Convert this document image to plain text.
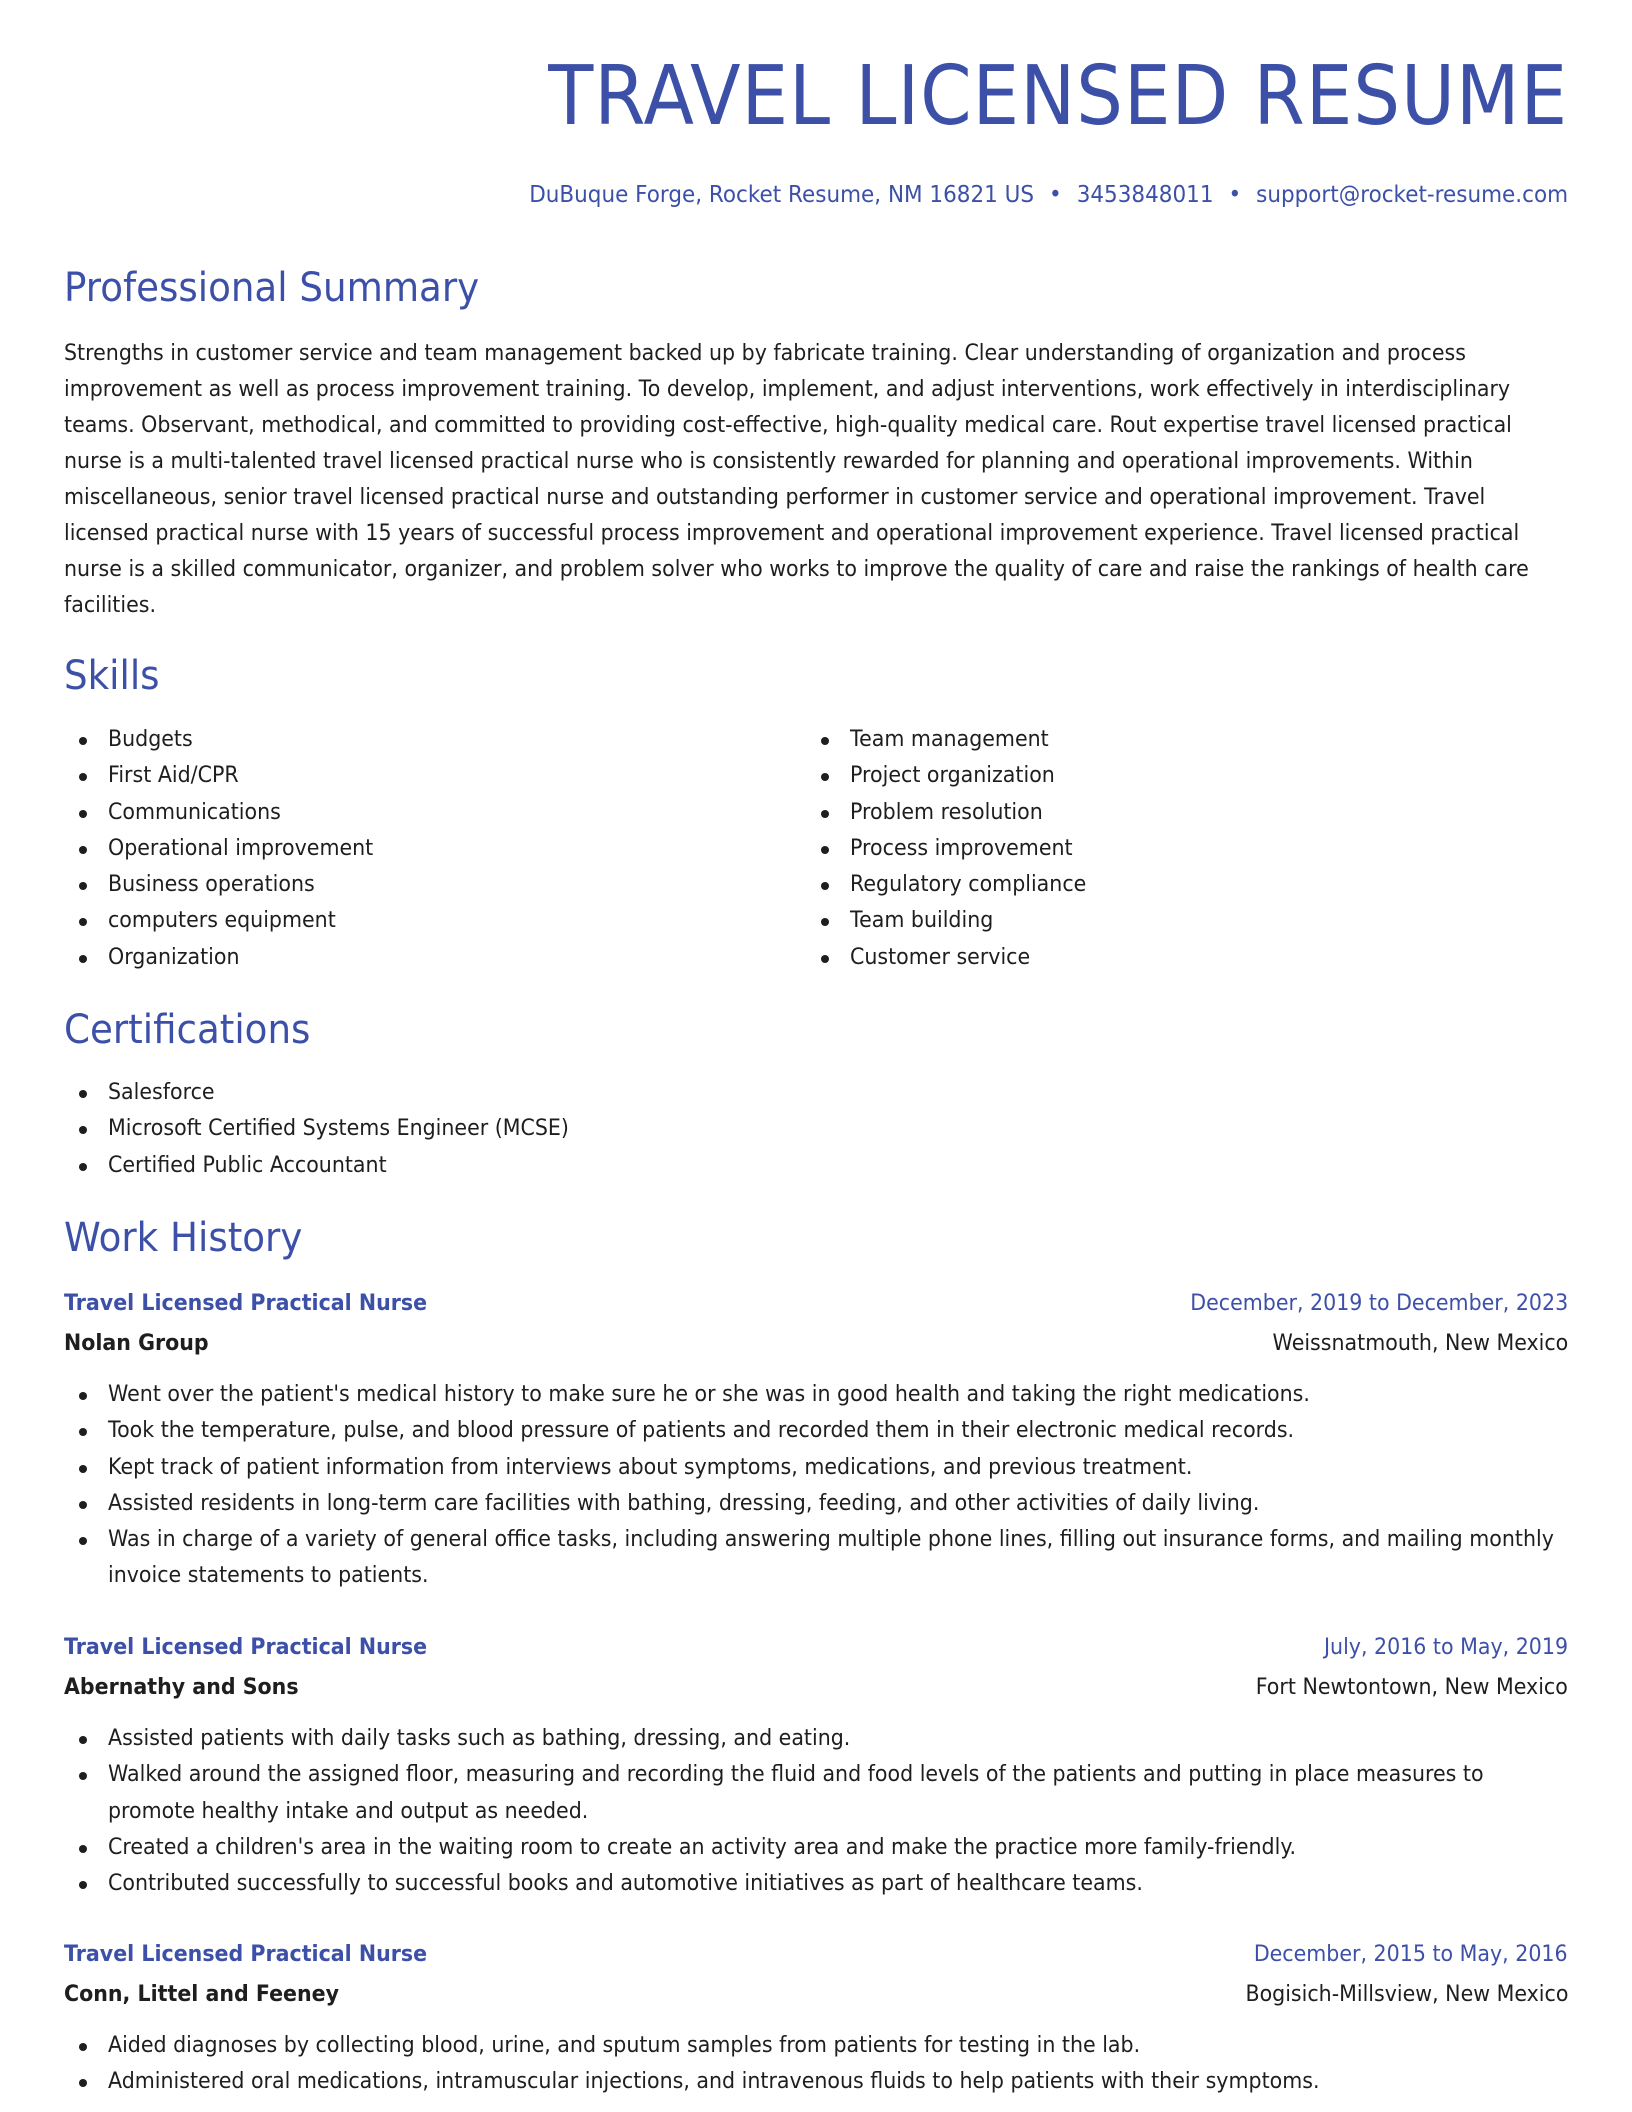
TRAVEL LICENSED RESUME
DuBuque Forge, Rocket Resume, NM 16821 US • 3453848011 • support@rocket-resume.com
Professional Summary

Strengths in customer service and team management backed up by fabricate training. Clear understanding of organization and process improvement as well as process improvement training. To develop, implement, and adjust interventions, work effectively in interdisciplinary teams. Observant, methodical, and committed to providing cost-effective, high-quality medical care. Rout expertise travel licensed practical nurse is a multi-talented travel licensed practical nurse who is consistently rewarded for planning and operational improvements. Within miscellaneous, senior travel licensed practical nurse and outstanding performer in customer service and operational improvement. Travel licensed practical nurse with 15 years of successful process improvement and operational improvement experience. Travel licensed practical nurse is a skilled communicator, organizer, and problem solver who works to improve the quality of care and raise the rankings of health care facilities.

Skills
Budgets
First Aid/CPR
Communications
Operational improvement
Business operations
computers equipment
Organization
Team management
Project organization
Problem resolution
Process improvement
Regulatory compliance
Team building
Customer service
Certifications
Salesforce
Microsoft Certified Systems Engineer (MCSE)
Certified Public Accountant
Work History
Travel Licensed Practical Nurse	December, 2019 to December, 2023
Nolan Group	Weissnatmouth, New Mexico
Went over the patient's medical history to make sure he or she was in good health and taking the right medications.
Took the temperature, pulse, and blood pressure of patients and recorded them in their electronic medical records.
Kept track of patient information from interviews about symptoms, medications, and previous treatment.
Assisted residents in long-term care facilities with bathing, dressing, feeding, and other activities of daily living.
Was in charge of a variety of general office tasks, including answering multiple phone lines, filling out insurance forms, and mailing monthly invoice statements to patients.
Travel Licensed Practical Nurse	July, 2016 to May, 2019
Abernathy and Sons	Fort Newtontown, New Mexico
Assisted patients with daily tasks such as bathing, dressing, and eating.
Walked around the assigned floor, measuring and recording the fluid and food levels of the patients and putting in place measures to promote healthy intake and output as needed.
Created a children's area in the waiting room to create an activity area and make the practice more family-friendly.
Contributed successfully to successful books and automotive initiatives as part of healthcare teams.
Travel Licensed Practical Nurse	December, 2015 to May, 2016
Conn, Littel and Feeney	Bogisich-Millsview, New Mexico
Aided diagnoses by collecting blood, urine, and sputum samples from patients for testing in the lab.
Administered oral medications, intramuscular injections, and intravenous fluids to help patients with their symptoms.
